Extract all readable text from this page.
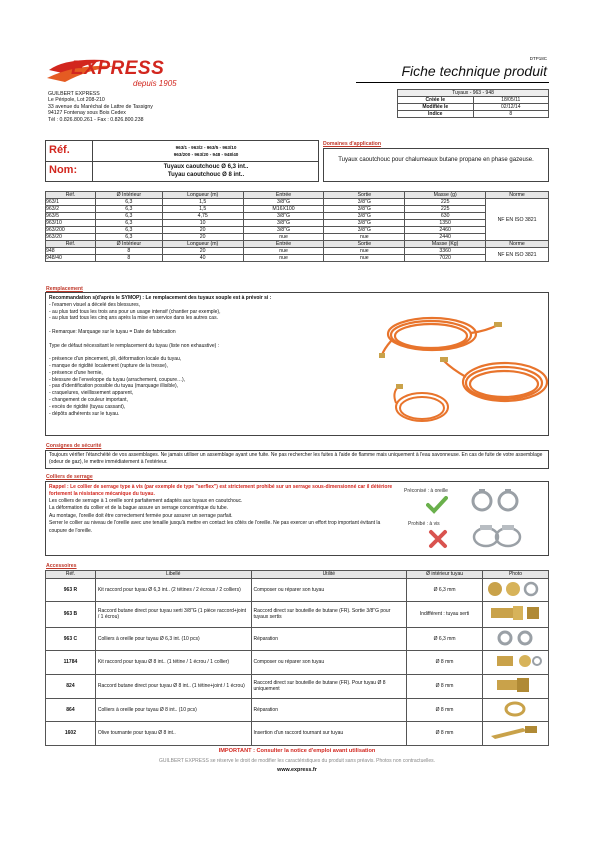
EXPRESS
depuis 1905
DTP18C
Fiche technique produit
GUILBERT EXPRESS
Le Péripole, Lot 208-210
33 avenue du Maréchal de Lattre de Tassigny
94127 Fontenay sous Bois Cedex
Tél : 0.826.800.261 - Fax : 0.826.800.238
Tuyaux - 963 - 948	
Créée le	18/05/11
Modifiée le	02/12/14
Indice	8
Réf.
Nom:
963/1 - 963/2 - 963/5 - 963/10
963/200 - 963/20 - 948 - 948/40
Tuyaux caoutchouc Ø 6,3 int..
Tuyau caoutchouc Ø 8 int..
Domaines d'application
Tuyaux caoutchouc pour chalumeaux butane propane en phase gazeuse.
Réf.	Ø Intérieur	Longueur (m)	Entrée	Sortie	Masse (g)	Norme
963/1	6,3	1,5	3/8"G	3/8"G	225	NF EN ISO 3821
963/2	6,3	1,5	M16X100	3/8"G	225	
963/5	6,3	4,75	3/8"G	3/8"G	630	
963/10	6,3	10	3/8"G	3/8"G	1350	
963/200	6,3	20	3/8"G	3/8"G	2460	
963/20	6,3	20	nue	nue	2440	
Réf.	Ø Intérieur	Longueur (m)	Entrée	Sortie	Masse (Kg)	Norme
948	8	20	nue	nue	3360	NF EN ISO 3821
948/40	8	40	nue	nue	7020	
Remplacement
Recommandation s(d'après le SYMOP) : Le remplacement des tuyaux souple est à prévoir si :
- l'examen visuel a décelé des blessures,
- au plus tard tous les trois ans pour un usage intensif (chantier par exemple),
- au plus tard tous les cinq ans après la mise en service dans les autres cas.
- Remarque: Marquage sur le tuyau = Date de fabrication
Type de défaut nécessitant le remplacement du tuyau (liste non exhaustive) :
- présence d'un pincement, pli, déformation locale du tuyau,
- manque de rigidité localement (rupture de la tresse),
- présence d'une hernie,
- blessure de l'enveloppe du tuyau (arrachement, coupure…),
- pas d'identification possible du tuyau (marquage illisible),
- craquelures, vieillissement apparent,
- changement de couleur important,
- excès de rigidité (tuyau cassant),
- dépôts adhérents sur le tuyau.
Consignes de sécurité
Toujours vérifier l'étanchéité de vos assemblages. Ne jamais utiliser un assemblage ayant une fuite. Ne pas rechercher les fuites à l'aide de flamme mais uniquement à l'eau savonneuse. En cas de fuite de votre assemblage (odeur de gaz), le mettre immédiatement à l'extérieur.
Colliers de serrage
Rappel : Le collier de serrage type à vis (par exemple de type "serflex") est strictement prohibé sur un serrage sous-dimensionné car il détériore fortement la résistance mécanique du tuyau.
Les colliers de serrage à 1 oreille sont parfaitement adaptés aux tuyaux en caoutchouc.
La déformation du collier et de la bague assure un serrage concentrique du tube.
Au montage, l'oreille doit être correctement fermée pour assurer un serrage parfait.
Serrer le collier au niveau de l'oreille avec une tenaille jusqu'à mettre en contact les côtés de l'oreille. Ne pas exercer un effort trop important évitant la coupure de l'oreille.
Préconisé : à oreille
Prohibé : à vis
Accessoires
Réf.	Libellé	Utilité	Ø intérieur tuyau	Photo
963 R	Kit raccord pour tuyau Ø 6,3 int.. (2 tétines / 2 écrous / 2 colliers)	Composer ou réparer son tuyau	Ø 6,3 mm	
963 B	Raccord butane direct pour tuyau serti 3/8"G (1 pièce raccord+joint / 1 écrou)	Raccord direct sur bouteille de butane (FR). Sortie 3/8"G pour tuyaux sertis	Indifférent : tuyau serti	
963 C	Colliers à oreille pour tuyau Ø 6,3 int. (10 pcs)	Réparation	Ø 6,3 mm	
11784	Kit raccord pour tuyau Ø 8 int.. (1 tétine / 1 écrou / 1 collier)	Composer ou réparer son tuyau	Ø 8 mm	
824	Raccord butane direct pour tuyau Ø 8 int.. (1 tétine+joint / 1 écrou)	Raccord direct sur bouteille de butane (FR). Pour tuyau Ø 8 uniquement	Ø 8 mm	
864	Colliers à oreille pour tuyau Ø 8 int.. (10 pcs)	Réparation	Ø 8 mm	
1602	Olive tournante pour tuyau Ø 8 int..	Insertion d'un raccord tournant sur tuyau	Ø 8 mm	
IMPORTANT : Consulter la notice d'emploi avant utilisation
GUILBERT EXPRESS se réserve le droit de modifier les caractéristiques du produit sans préavis. Photos non contractuelles.
www.express.fr
